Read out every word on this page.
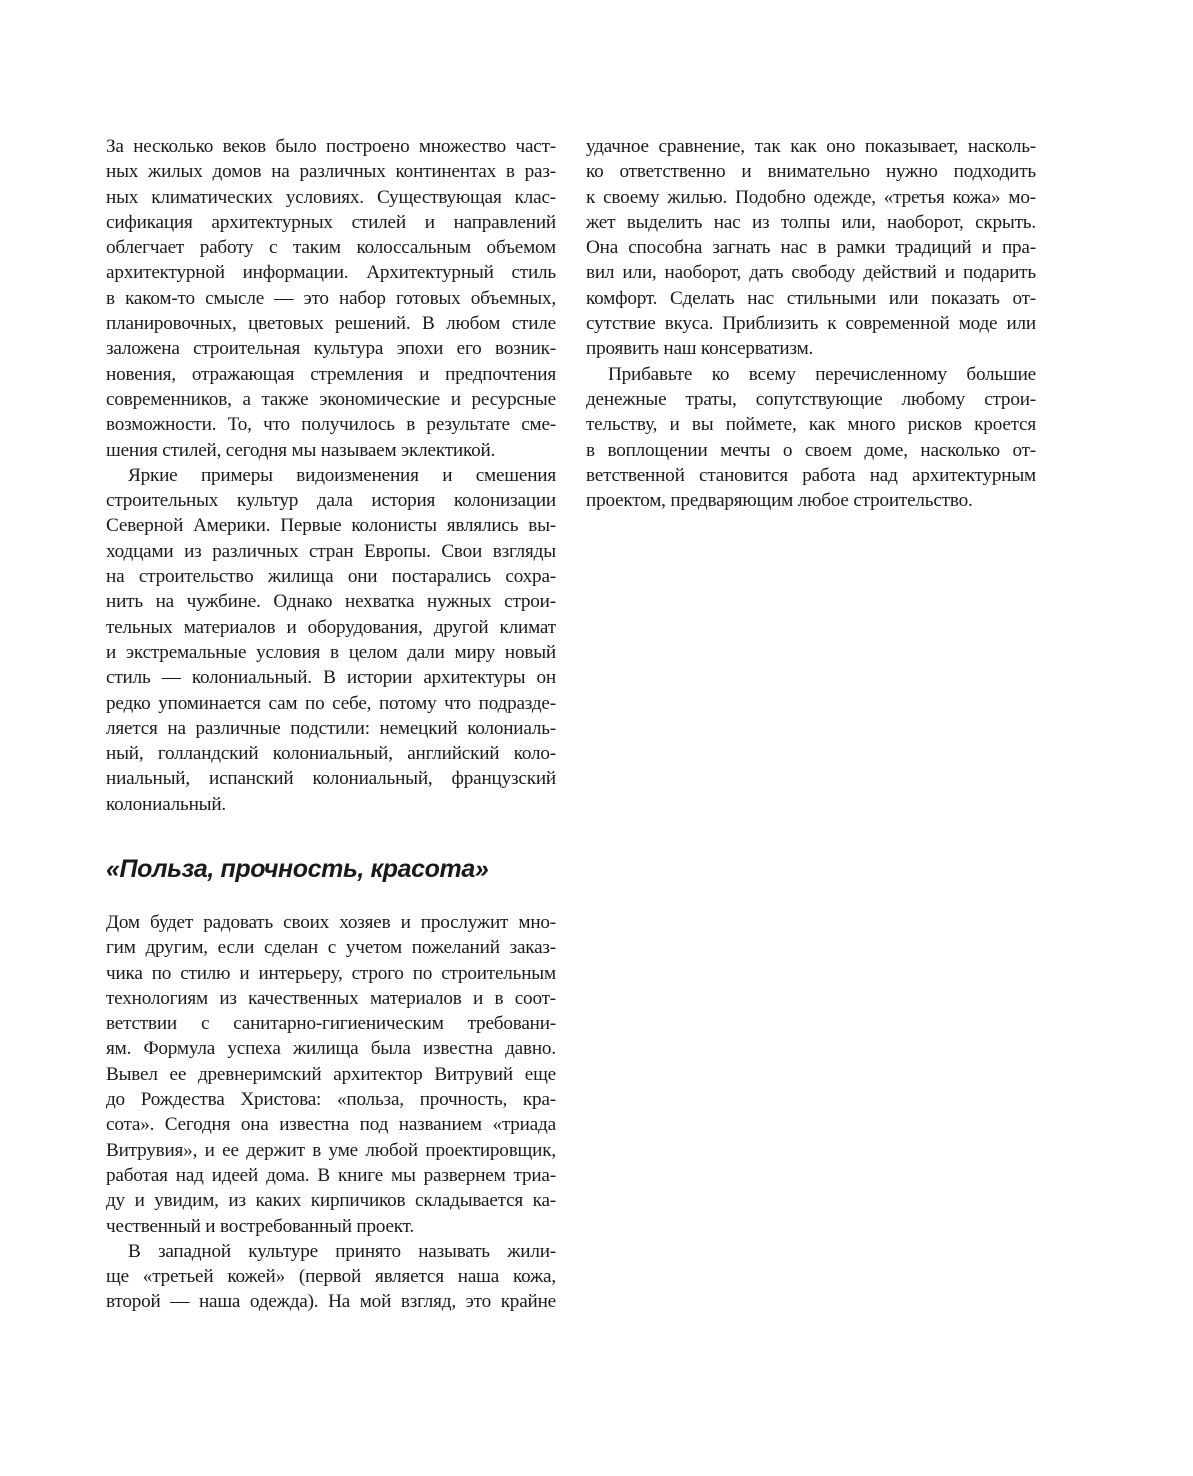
За несколько веков было построено множество част-
ных жилых домов на различных континентах в раз-
ных климатических условиях. Существующая клас-
сификация архитектурных стилей и направлений
облегчает работу с таким колоссальным объемом
архитектурной информации. Архитектурный стиль
в каком-то смысле — это набор готовых объемных,
планировочных, цветовых решений. В любом стиле
заложена строительная культура эпохи его возник-
новения, отражающая стремления и предпочтения
современников, а также экономические и ресурсные
возможности. То, что получилось в результате сме-
шения стилей, сегодня мы называем эклектикой.
Яркие примеры видоизменения и смешения
строительных культур дала история колонизации
Северной Америки. Первые колонисты являлись вы-
ходцами из различных стран Европы. Свои взгляды
на строительство жилища они постарались сохра-
нить на чужбине. Однако нехватка нужных строи-
тельных материалов и оборудования, другой климат
и экстремальные условия в целом дали миру новый
стиль — колониальный. В истории архитектуры он
редко упоминается сам по себе, потому что подразде-
ляется на различные подстили: немецкий колониаль-
ный, голландский колониальный, английский коло-
ниальный, испанский колониальный, французский
колониальный.
«Польза, прочность, красота»
Дом будет радовать своих хозяев и прослужит мно-
гим другим, если сделан с учетом пожеланий заказ-
чика по стилю и интерьеру, строго по строительным
технологиям из качественных материалов и в соот-
ветствии с санитарно-гигиеническим требовани-
ям. Формула успеха жилища была известна давно.
Вывел ее древнеримский архитектор Витрувий еще
до Рождества Христова: «польза, прочность, кра-
сота». Сегодня она известна под названием «триада
Витрувия», и ее держит в уме любой проектировщик,
работая над идеей дома. В книге мы развернем триа-
ду и увидим, из каких кирпичиков складывается ка-
чественный и востребованный проект.
В западной культуре принято называть жили-
ще «третьей кожей» (первой является наша кожа,
второй — наша одежда). На мой взгляд, это крайне
удачное сравнение, так как оно показывает, насколь-
ко ответственно и внимательно нужно подходить
к своему жилью. Подобно одежде, «третья кожа» мо-
жет выделить нас из толпы или, наоборот, скрыть.
Она способна загнать нас в рамки традиций и пра-
вил или, наоборот, дать свободу действий и подарить
комфорт. Сделать нас стильными или показать от-
сутствие вкуса. Приблизить к современной моде или
проявить наш консерватизм.
Прибавьте ко всему перечисленному большие
денежные траты, сопутствующие любому строи-
тельству, и вы поймете, как много рисков кроется
в воплощении мечты о своем доме, насколько от-
ветственной становится работа над архитектурным
проектом, предваряющим любое строительство.
